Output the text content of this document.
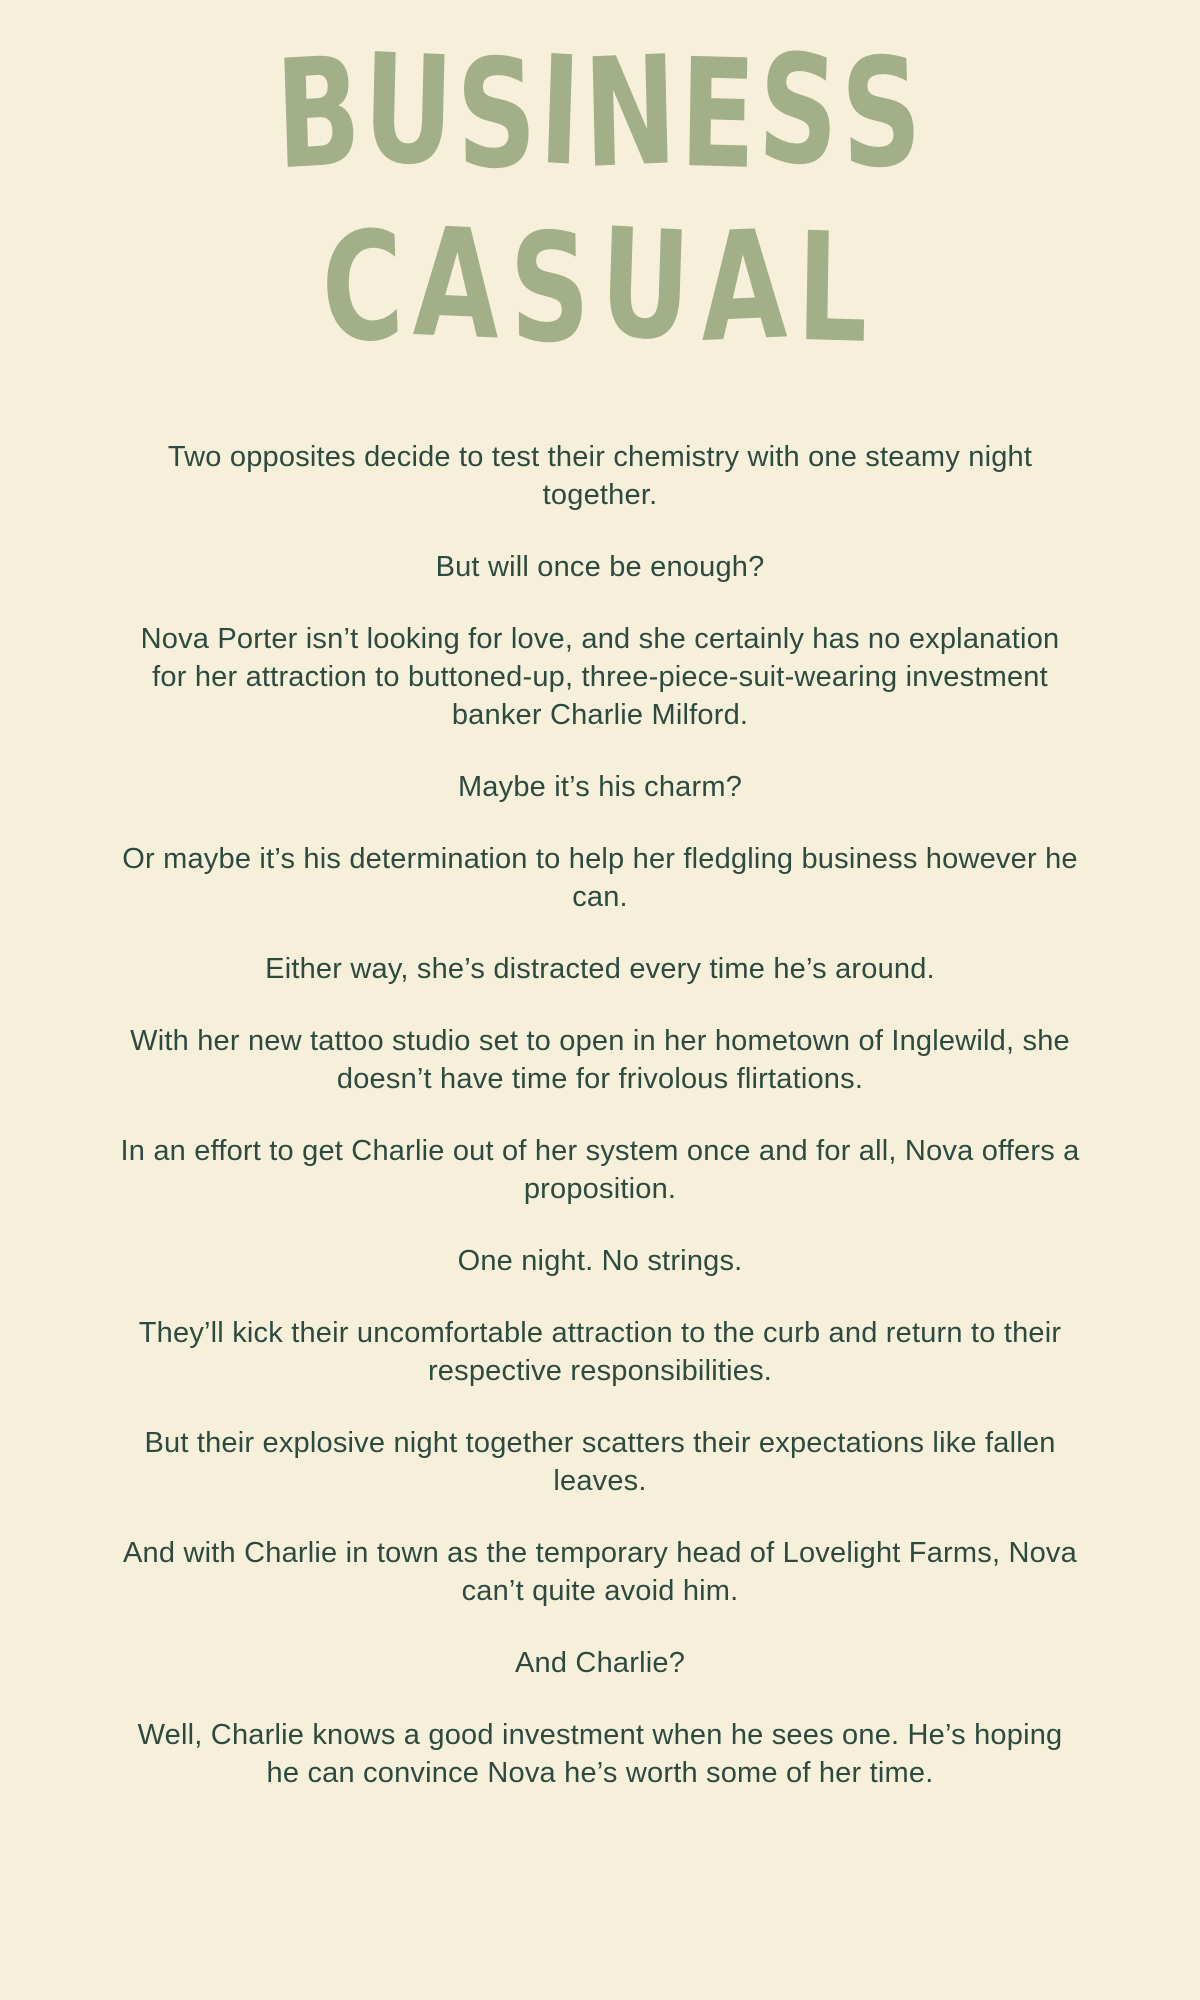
BUSINESS
CASUAL

Two opposites decide to test their chemistry with one steamy night together.

But will once be enough?

Nova Porter isn’t looking for love, and she certainly has no explanation for her attraction to buttoned-up, three-piece-suit-wearing investment banker Charlie Milford.

Maybe it’s his charm?

Or maybe it’s his determination to help her fledgling business however he can.

Either way, she’s distracted every time he’s around.

With her new tattoo studio set to open in her hometown of Inglewild, she doesn’t have time for frivolous flirtations.

In an effort to get Charlie out of her system once and for all, Nova offers a proposition.

One night. No strings.

They’ll kick their uncomfortable attraction to the curb and return to their respective responsibilities.

But their explosive night together scatters their expectations like fallen leaves.

And with Charlie in town as the temporary head of Lovelight Farms, Nova can’t quite avoid him.

And Charlie?

Well, Charlie knows a good investment when he sees one. He’s hoping he can convince Nova he’s worth some of her time.
